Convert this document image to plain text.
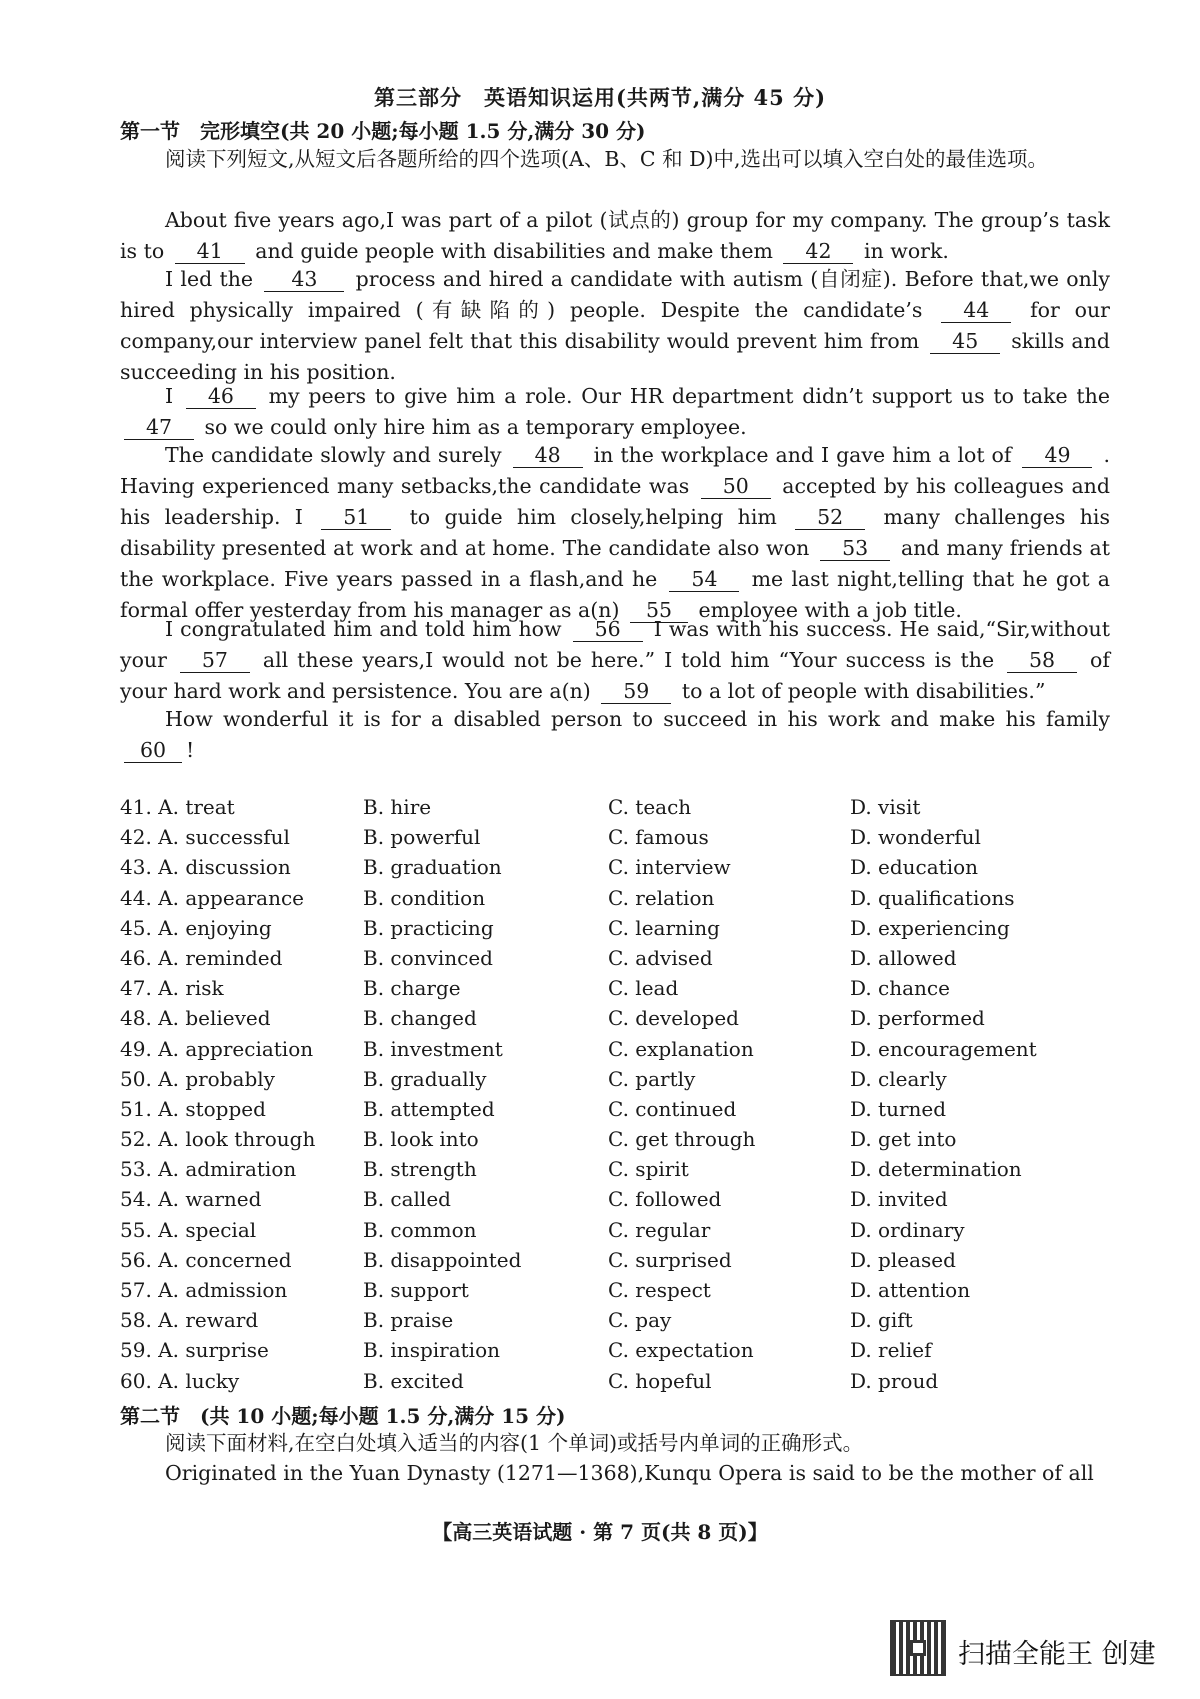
第三部分　英语知识运用(共两节,满分 45 分)
第一节　完形填空(共 20 小题;每小题 1.5 分,满分 30 分)

阅读下列短文,从短文后各题所给的四个选项(A、B、C 和 D)中,选出可以填入空白处的最佳选项。

About five years ago,I was part of a pilot (试点的) group for my company. The group’s task is to 41 and guide people with disabilities and make them 42 in work.

I led the 43 process and hired a candidate with autism (自闭症). Before that,we only hired physically impaired (有缺陷的) people. Despite the candidate’s 44 for our company,our interview panel felt that this disability would prevent him from 45 skills and succeeding in his position.

I 46 my peers to give him a role. Our HR department didn’t support us to take the 47 so we could only hire him as a temporary employee.

The candidate slowly and surely 48 in the workplace and I gave him a lot of 49 . Having experienced many setbacks,the candidate was 50 accepted by his colleagues and his leadership. I 51 to guide him closely,helping him 52 many challenges his disability presented at work and at home. The candidate also won 53 and many friends at the workplace. Five years passed in a flash,and he 54 me last night,telling that he got a formal offer yesterday from his manager as a(n) 55 employee with a job title.

I congratulated him and told him how 56 I was with his success. He said,“Sir,without your 57 all these years,I would not be here.” I told him “Your success is the 58 of your hard work and persistence. You are a(n) 59 to a lot of people with disabilities.”

How wonderful it is for a disabled person to succeed in his work and make his family 60 !

41. A. treat	B. hire	C. teach	D. visit
42. A. successful	B. powerful	C. famous	D. wonderful
43. A. discussion	B. graduation	C. interview	D. education
44. A. appearance	B. condition	C. relation	D. qualifications
45. A. enjoying	B. practicing	C. learning	D. experiencing
46. A. reminded	B. convinced	C. advised	D. allowed
47. A. risk	B. charge	C. lead	D. chance
48. A. believed	B. changed	C. developed	D. performed
49. A. appreciation B. investment	C. explanation	D. encouragement
50. A. probably	B. gradually	C. partly	D. clearly
51. A. stopped	B. attempted	C. continued	D. turned
52. A. look through B. look into	C. get through	D. get into
53. A. admiration	B. strength	C. spirit	D. determination
54. A. warned	B. called	C. followed	D. invited
55. A. special	B. common	C. regular	D. ordinary
56. A. concerned	B. disappointed	C. surprised	D. pleased
57. A. admission	B. support	C. respect	D. attention
58. A. reward	B. praise	C. pay	D. gift
59. A. surprise	B. inspiration	C. expectation	D. relief
60. A. lucky	B. excited	C. hopeful	D. proud
第二节　(共 10 小题;每小题 1.5 分,满分 15 分)

阅读下面材料,在空白处填入适当的内容(1 个单词)或括号内单词的正确形式。

Originated in the Yuan Dynasty (1271—1368),Kunqu Opera is said to be the mother of all

【高三英语试题 · 第 7 页(共 8 页)】
扫描全能王 创建
